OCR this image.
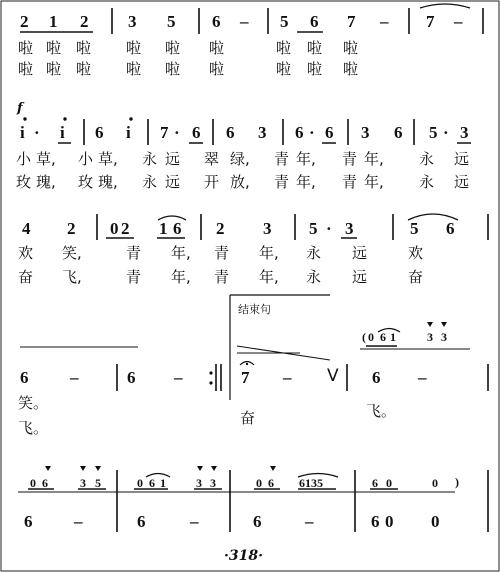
2 1 2 3 5 6 – 5 6 7 – 7 –
啦 啦 啦 啦 啦 啦	啦 啦 啦
啦 啦 啦 啦 啦 啦	啦 啦 啦
f
i · i 6 i 7 · 6 6 3 6 · 6 3 6 5 · 3
小 草, 小 草, 永 远 翠 绿, 青 年, 青 年, 永 远
玫 瑰, 玫 瑰, 永 远 开 放, 青 年, 青 年, 永 远
4 2 0 2 1 6 2 3 5 · 3	5 6
欢 笑,	青 年, 青 年, 永 远	欢
奋 飞,	青 年, 青 年, 永 远	奋
结束句
( 0 6 1	3 3
6 –	6 –	7 – V 6 –
笑。
飞。
奋	飞。
0 6	3 5	0 6 1	3 3	0 6 6135	6 0	0 )
6 –	6	–	6	–	6 0 0
·318·
